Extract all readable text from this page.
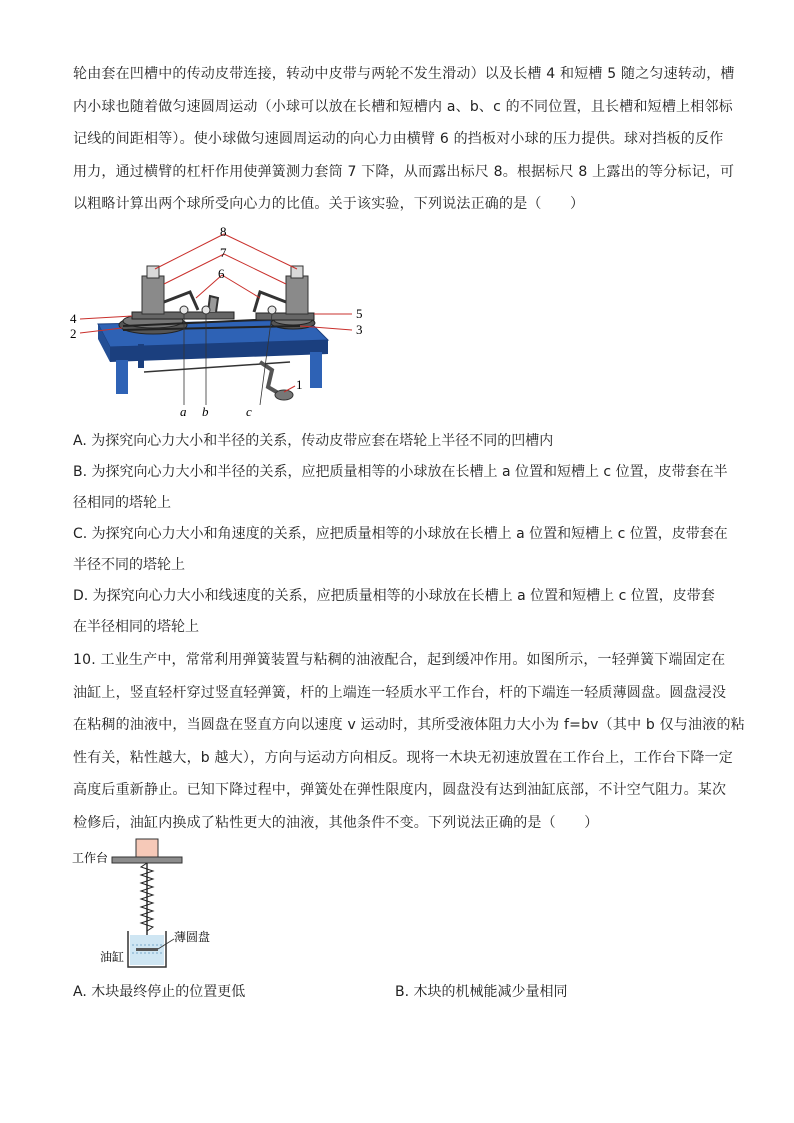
轮由套在凹槽中的传动皮带连接，转动中皮带与两轮不发生滑动）以及长槽 4 和短槽 5 随之匀速转动，槽
内小球也随着做匀速圆周运动（小球可以放在长槽和短槽内 a、b、c 的不同位置，且长槽和短槽上相邻标
记线的间距相等）。使小球做匀速圆周运动的向心力由横臂 6 的挡板对小球的压力提供。球对挡板的反作
用力，通过横臂的杠杆作用使弹簧测力套筒 7 下降，从而露出标尺 8。根据标尺 8 上露出的等分标记，可
以粗略计算出两个球所受向心力的比值。关于该实验，下列说法正确的是（　　）
8
7
6
4
2
5
3
1
a b	c
A. 为探究向心力大小和半径的关系，传动皮带应套在塔轮上半径不同的凹槽内
B. 为探究向心力大小和半径的关系，应把质量相等的小球放在长槽上 a 位置和短槽上 c 位置，皮带套在半
径相同的塔轮上
C. 为探究向心力大小和角速度的关系，应把质量相等的小球放在长槽上 a 位置和短槽上 c 位置，皮带套在
半径不同的塔轮上
D. 为探究向心力大小和线速度的关系，应把质量相等的小球放在长槽上 a 位置和短槽上 c 位置，皮带套
在半径相同的塔轮上
10. 工业生产中，常常利用弹簧装置与粘稠的油液配合，起到缓冲作用。如图所示，一轻弹簧下端固定在
油缸上，竖直轻杆穿过竖直轻弹簧，杆的上端连一轻质水平工作台，杆的下端连一轻质薄圆盘。圆盘浸没
在粘稠的油液中，当圆盘在竖直方向以速度 v 运动时，其所受液体阻力大小为 f=bv（其中 b 仅与油液的粘
性有关，粘性越大，b 越大），方向与运动方向相反。现将一木块无初速放置在工作台上，工作台下降一定
高度后重新静止。已知下降过程中，弹簧处在弹性限度内，圆盘没有达到油缸底部，不计空气阻力。某次
检修后，油缸内换成了粘性更大的油液，其他条件不变。下列说法正确的是（　　）
工作台
薄圆盘
油缸
A. 木块最终停止的位置更低	B. 木块的机械能减少量相同
